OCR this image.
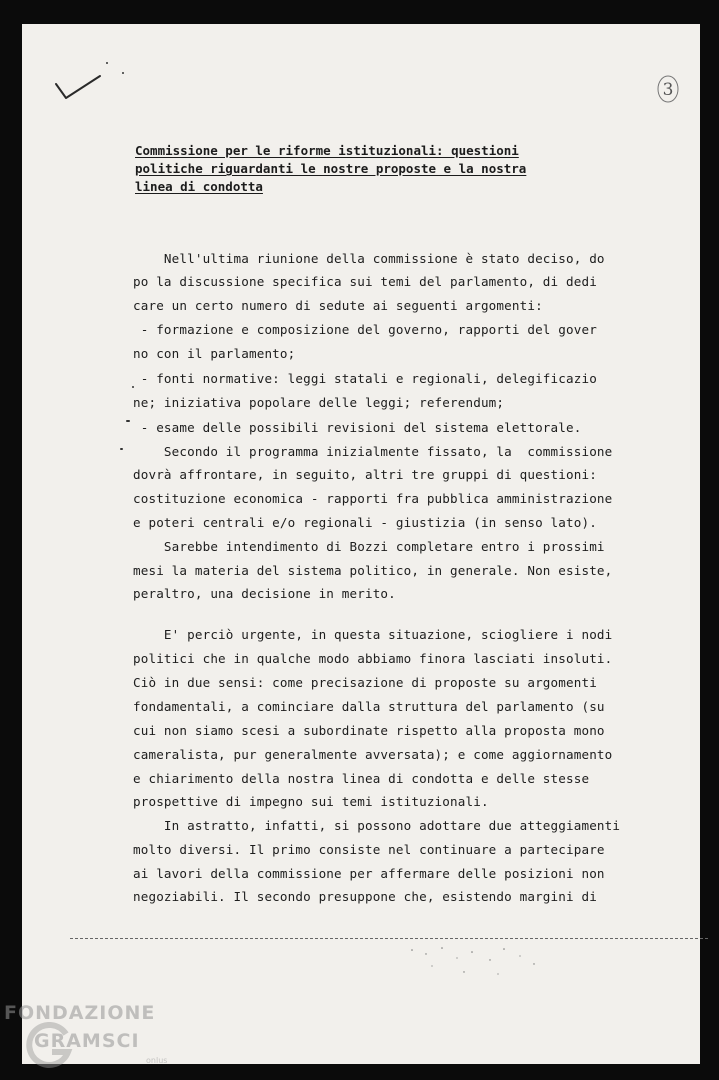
3
Commissione per le riforme istituzionali: questioni
politiche riguardanti le nostre proposte e la nostra
linea di condotta
Nell'ultima riunione della commissione è stato deciso, do
po la discussione specifica sui temi del parlamento, di dedi
care un certo numero di sedute ai seguenti argomenti:
- formazione e composizione del governo, rapporti del gover
no con il parlamento;
- fonti normative: leggi statali e regionali, delegificazio
ne; iniziativa popolare delle leggi; referendum;
- esame delle possibili revisioni del sistema elettorale.
Secondo il programma inizialmente fissato, la  commissione
dovrà affrontare, in seguito, altri tre gruppi di questioni:
costituzione economica - rapporti fra pubblica amministrazione
e poteri centrali e/o regionali - giustizia (in senso lato).
Sarebbe intendimento di Bozzi completare entro i prossimi
mesi la materia del sistema politico, in generale. Non esiste,
peraltro, una decisione in merito.
E' perciò urgente, in questa situazione, sciogliere i nodi
politici che in qualche modo abbiamo finora lasciati insoluti.
Ciò in due sensi: come precisazione di proposte su argomenti
fondamentali, a cominciare dalla struttura del parlamento (su
cui non siamo scesi a subordinate rispetto alla proposta mono
cameralista, pur generalmente avversata); e come aggiornamento
e chiarimento della nostra linea di condotta e delle stesse
prospettive di impegno sui temi istituzionali.
In astratto, infatti, si possono adottare due atteggiamenti
molto diversi. Il primo consiste nel continuare a partecipare
ai lavori della commissione per affermare delle posizioni non
negoziabili. Il secondo presuppone che, esistendo margini di
FONDAZIONE
GRAMSCI
onlus
